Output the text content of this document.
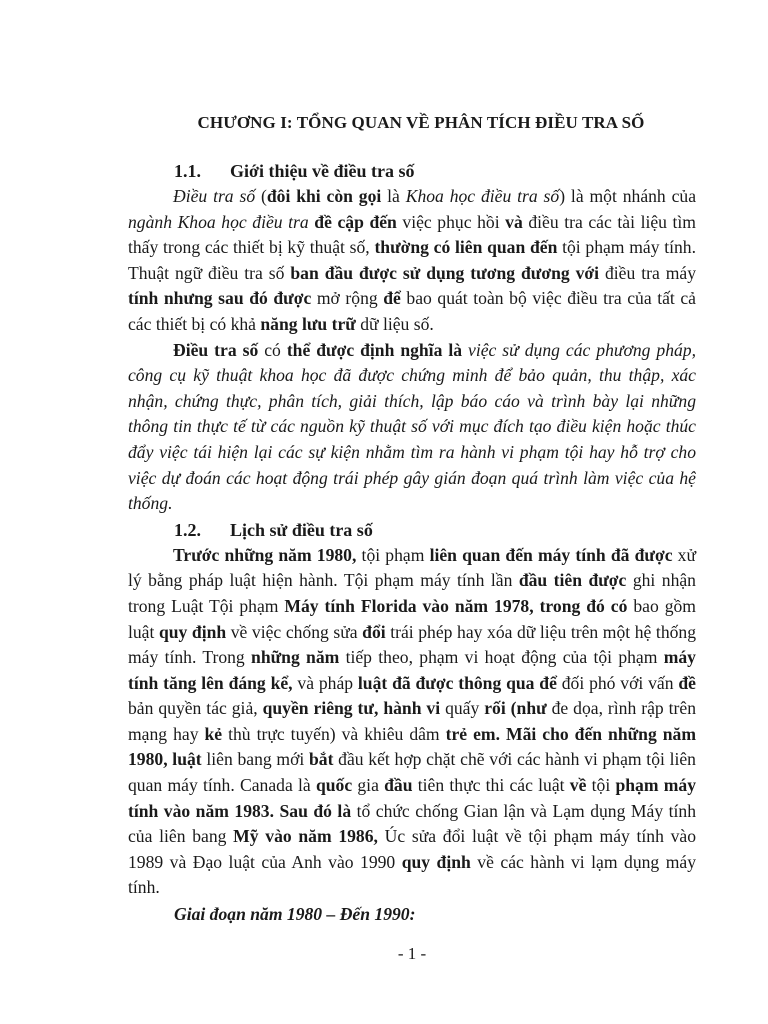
CHƯƠNG I: TỔNG QUAN VỀ PHÂN TÍCH ĐIỀU TRA SỐ
1.1. Giới thiệu về điều tra số

Điều tra số (đôi khi còn gọi là Khoa học điều tra số) là một nhánh của ngành Khoa học điều tra đề cập đến việc phục hồi và điều tra các tài liệu tìm thấy trong các thiết bị kỹ thuật số, thường có liên quan đến tội phạm máy tính. Thuật ngữ điều tra số ban đầu được sử dụng tương đương với điều tra máy tính nhưng sau đó được mở rộng để bao quát toàn bộ việc điều tra của tất cả các thiết bị có khả năng lưu trữ dữ liệu số.

Điều tra số có thể được định nghĩa là việc sử dụng các phương pháp, công cụ kỹ thuật khoa học đã được chứng minh để bảo quản, thu thập, xác nhận, chứng thực, phân tích, giải thích, lập báo cáo và trình bày lại những thông tin thực tế từ các nguồn kỹ thuật số với mục đích tạo điều kiện hoặc thúc đẩy việc tái hiện lại các sự kiện nhằm tìm ra hành vi phạm tội hay hỗ trợ cho việc dự đoán các hoạt động trái phép gây gián đoạn quá trình làm việc của hệ thống.

1.2. Lịch sử điều tra số

Trước những năm 1980, tội phạm liên quan đến máy tính đã được xử lý bằng pháp luật hiện hành. Tội phạm máy tính lần đầu tiên được ghi nhận trong Luật Tội phạm Máy tính Florida vào năm 1978, trong đó có bao gồm luật quy định về việc chống sửa đổi trái phép hay xóa dữ liệu trên một hệ thống máy tính. Trong những năm tiếp theo, phạm vi hoạt động của tội phạm máy tính tăng lên đáng kể, và pháp luật đã được thông qua để đối phó với vấn đề bản quyền tác giả, quyền riêng tư, hành vi quấy rối (như đe dọa, rình rập trên mạng hay kẻ thù trực tuyến) và khiêu dâm trẻ em. Mãi cho đến những năm 1980, luật liên bang mới bắt đầu kết hợp chặt chẽ với các hành vi phạm tội liên quan máy tính. Canada là quốc gia đầu tiên thực thi các luật về tội phạm máy tính vào năm 1983. Sau đó là tổ chức chống Gian lận và Lạm dụng Máy tính của liên bang Mỹ vào năm 1986, Úc sửa đổi luật về tội phạm máy tính vào 1989 và Đạo luật của Anh vào 1990 quy định về các hành vi lạm dụng máy tính.

Giai đoạn năm 1980 – Đến 1990:

- 1 -
